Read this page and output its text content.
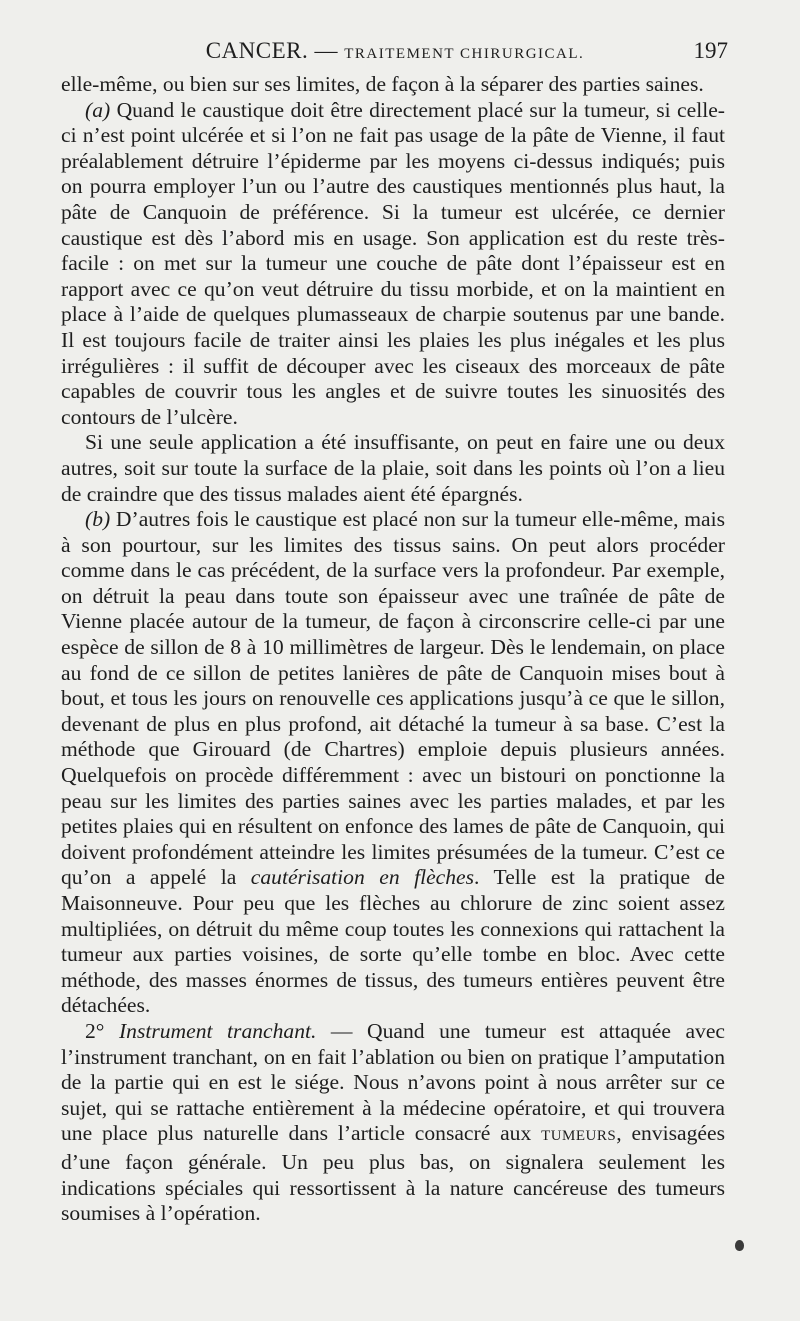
CANCER. — TRAITEMENT CHIRURGICAL.	197

elle-même, ou bien sur ses limites, de façon à la séparer des parties saines.

(a) Quand le caustique doit être directement placé sur la tumeur, si celle-ci n’est point ulcérée et si l’on ne fait pas usage de la pâte de Vienne, il faut préalablement détruire l’épiderme par les moyens ci-dessus indiqués; puis on pourra employer l’un ou l’autre des caustiques mentionnés plus haut, la pâte de Canquoin de préférence. Si la tumeur est ulcérée, ce dernier caustique est dès l’abord mis en usage. Son application est du reste très-facile : on met sur la tumeur une couche de pâte dont l’épaisseur est en rapport avec ce qu’on veut détruire du tissu morbide, et on la maintient en place à l’aide de quelques plumasseaux de charpie soutenus par une bande. Il est toujours facile de traiter ainsi les plaies les plus inégales et les plus irrégulières : il suffit de découper avec les ciseaux des morceaux de pâte capables de couvrir tous les angles et de suivre toutes les sinuosités des contours de l’ulcère.

Si une seule application a été insuffisante, on peut en faire une ou deux autres, soit sur toute la surface de la plaie, soit dans les points où l’on a lieu de craindre que des tissus malades aient été épargnés.

(b) D’autres fois le caustique est placé non sur la tumeur elle-même, mais à son pourtour, sur les limites des tissus sains. On peut alors procéder comme dans le cas précédent, de la surface vers la profondeur. Par exemple, on détruit la peau dans toute son épaisseur avec une traînée de pâte de Vienne placée autour de la tumeur, de façon à circonscrire celle-ci par une espèce de sillon de 8 à 10 millimètres de largeur. Dès le lendemain, on place au fond de ce sillon de petites lanières de pâte de Canquoin mises bout à bout, et tous les jours on renouvelle ces applications jusqu’à ce que le sillon, devenant de plus en plus profond, ait détaché la tumeur à sa base. C’est la méthode que Girouard (de Chartres) emploie depuis plusieurs années. Quelquefois on procède différemment : avec un bistouri on ponctionne la peau sur les limites des parties saines avec les parties malades, et par les petites plaies qui en résultent on enfonce des lames de pâte de Canquoin, qui doivent profondément atteindre les limites présumées de la tumeur. C’est ce qu’on a appelé la cautérisation en flèches. Telle est la pratique de Maisonneuve. Pour peu que les flèches au chlorure de zinc soient assez multipliées, on détruit du même coup toutes les connexions qui rattachent la tumeur aux parties voisines, de sorte qu’elle tombe en bloc. Avec cette méthode, des masses énormes de tissus, des tumeurs entières peuvent être détachées.

2° Instrument tranchant. — Quand une tumeur est attaquée avec l’instrument tranchant, on en fait l’ablation ou bien on pratique l’amputation de la partie qui en est le siége. Nous n’avons point à nous arrêter sur ce sujet, qui se rattache entièrement à la médecine opératoire, et qui trouvera une place plus naturelle dans l’article consacré aux TUMEURS, envisagées d’une façon générale. Un peu plus bas, on signalera seulement les indications spéciales qui ressortissent à la nature cancéreuse des tumeurs soumises à l’opération.
